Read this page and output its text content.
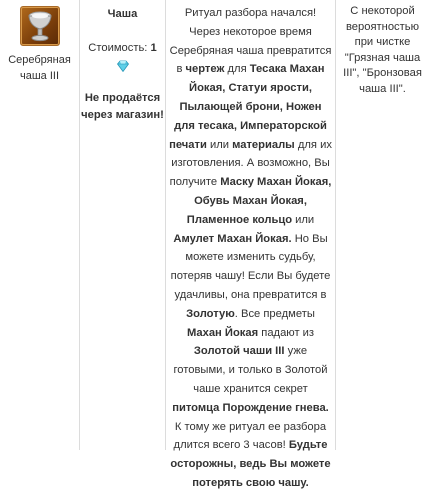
Серебряная чаша III
Чаша
Стоимость: 1
Не продаётся через магазин!
Ритуал разбора начался! Через некоторое время Серебряная чаша превратится в чертеж для Тесака Махан Йокая, Статуи ярости, Пылающей брони, Ножен для тесака, Императорской печати или материалы для их изготовления. А возможно, Вы получите Маску Махан Йокая, Обувь Махан Йокая, Пламенное кольцо или Амулет Махан Йокая. Но Вы можете изменить судьбу, потеряв чашу! Если Вы будете удачливы, она превратится в Золотую. Все предметы Махан Йокая падают из Золотой чаши III уже готовыми, и только в Золотой чаше хранится секрет питомца Порождение гнева. К тому же ритуал ее разбора длится всего 3 часов! Будьте осторожны, ведь Вы можете потерять свою чашу.
С некоторой вероятностью при чистке "Грязная чаша III", "Бронзовая чаша III".
